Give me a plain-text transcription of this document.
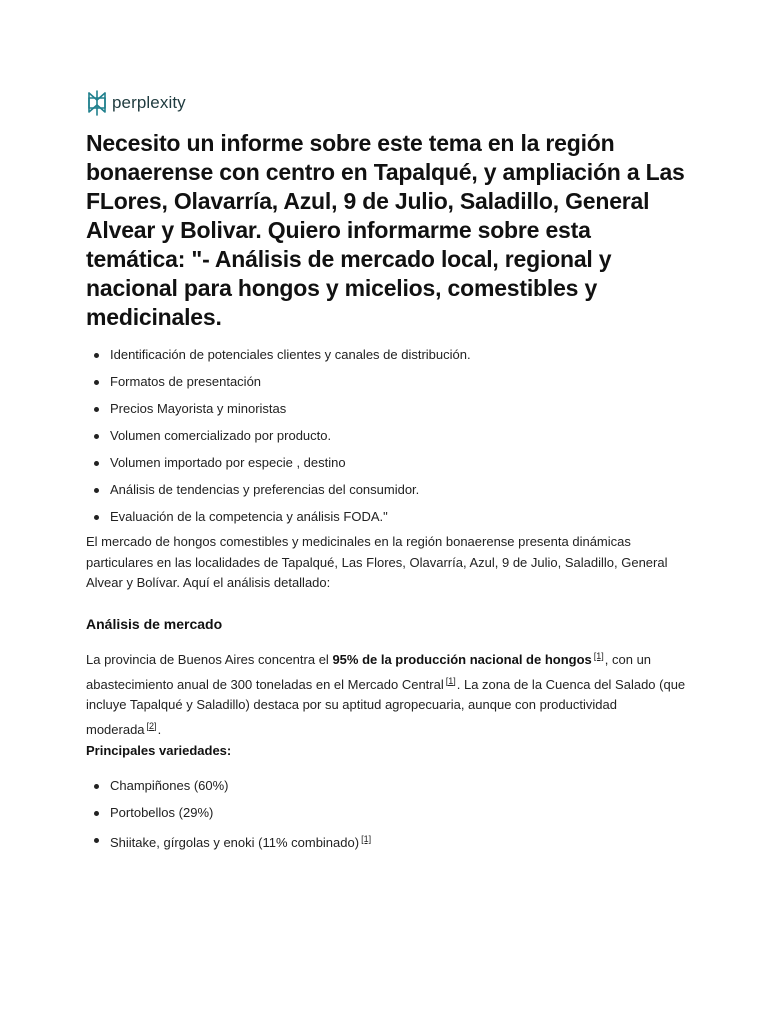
perplexity
Necesito un informe sobre este tema en la región bonaerense con centro en Tapalqué, y ampliación a Las FLores, Olavarría, Azul, 9 de Julio, Saladillo, General Alvear y Bolivar. Quiero informarme sobre esta temática: "- Análisis de mercado local, regional y nacional para hongos y micelios, comestibles y medicinales.
Identificación de potenciales clientes y canales de distribución.
Formatos de presentación
Precios Mayorista y minoristas
Volumen comercializado por producto.
Volumen importado por especie , destino
Análisis de tendencias y preferencias del consumidor.
Evaluación de la competencia y análisis FODA."

El mercado de hongos comestibles y medicinales en la región bonaerense presenta dinámicas particulares en las localidades de Tapalqué, Las Flores, Olavarría, Azul, 9 de Julio, Saladillo, General Alvear y Bolívar. Aquí el análisis detallado:

Análisis de mercado

La provincia de Buenos Aires concentra el 95% de la producción nacional de hongos [1], con un abastecimiento anual de 300 toneladas en el Mercado Central [1]. La zona de la Cuenca del Salado (que incluye Tapalqué y Saladillo) destaca por su aptitud agropecuaria, aunque con productividad moderada [2].

Principales variedades:
Champiñones (60%)
Portobellos (29%)
Shiitake, gírgolas y enoki (11% combinado) [1]
